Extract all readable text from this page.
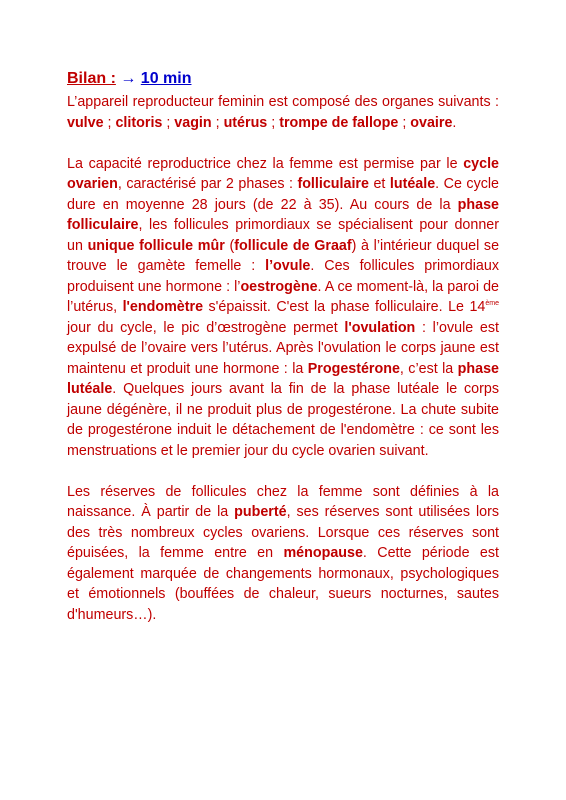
Bilan : → 10 min

L’appareil reproducteur feminin est composé des organes suivants : vulve ; clitoris ; vagin ; utérus ; trompe de fallope ; ovaire.

La capacité reproductrice chez la femme est permise par le cycle ovarien, caractérisé par 2 phases : folliculaire et lutéale. Ce cycle dure en moyenne 28 jours (de 22 à 35). Au cours de la phase folliculaire, les follicules primordiaux se spécialisent pour donner un unique follicule mûr (follicule de Graaf) à l’intérieur duquel se trouve le gamète femelle : l’ovule. Ces follicules primordiaux produisent une hormone : l’oestrogène. A ce moment-là, la paroi de l’utérus, l'endomètre s'épaissit. C'est la phase folliculaire. Le 14ème jour du cycle, le pic d’œstrogène permet l'ovulation : l’ovule est expulsé de l’ovaire vers l’utérus. Après l'ovulation le corps jaune est maintenu et produit une hormone : la Progestérone, c’est la phase lutéale. Quelques jours avant la fin de la phase lutéale le corps jaune dégénère, il ne produit plus de progestérone. La chute subite de progestérone induit le détachement de l'endomètre : ce sont les menstruations et le premier jour du cycle ovarien suivant.

Les réserves de follicules chez la femme sont définies à la naissance. À partir de la puberté, ses réserves sont utilisées lors des très nombreux cycles ovariens. Lorsque ces réserves sont épuisées, la femme entre en ménopause. Cette période est également marquée de changements hormonaux, psychologiques et émotionnels (bouffées de chaleur, sueurs nocturnes, sautes d'humeurs…).
